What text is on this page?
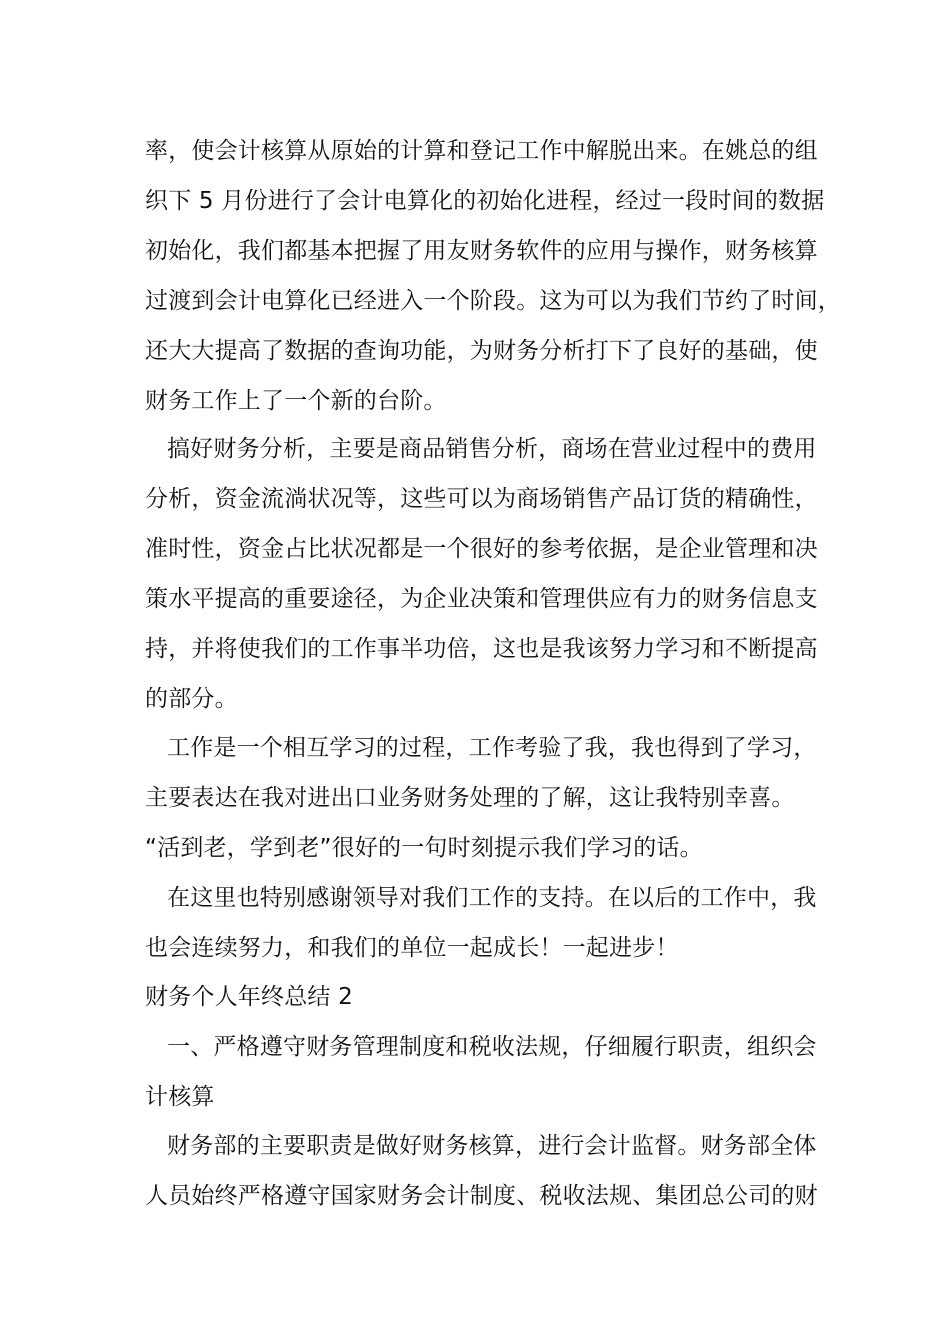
率，使会计核算从原始的计算和登记工作中解脱出来。在姚总的组
织下 5 月份进行了会计电算化的初始化进程，经过一段时间的数据
初始化，我们都基本把握了用友财务软件的应用与操作，财务核算
过渡到会计电算化已经进入一个阶段。这为可以为我们节约了时间，
还大大提高了数据的查询功能，为财务分析打下了良好的基础，使
财务工作上了一个新的台阶。
搞好财务分析，主要是商品销售分析，商场在营业过程中的费用
分析，资金流淌状况等，这些可以为商场销售产品订货的精确性，
准时性，资金占比状况都是一个很好的参考依据，是企业管理和决
策水平提高的重要途径，为企业决策和管理供应有力的财务信息支
持，并将使我们的工作事半功倍，这也是我该努力学习和不断提高
的部分。
工作是一个相互学习的过程，工作考验了我，我也得到了学习，
主要表达在我对进出口业务财务处理的了解，这让我特别幸喜。
“活到老，学到老”很好的一句时刻提示我们学习的话。
在这里也特别感谢领导对我们工作的支持。在以后的工作中，我
也会连续努力，和我们的单位一起成长！一起进步！
财务个人年终总结 2
一、严格遵守财务管理制度和税收法规，仔细履行职责，组织会
计核算
财务部的主要职责是做好财务核算，进行会计监督。财务部全体
人员始终严格遵守国家财务会计制度、税收法规、集团总公司的财
